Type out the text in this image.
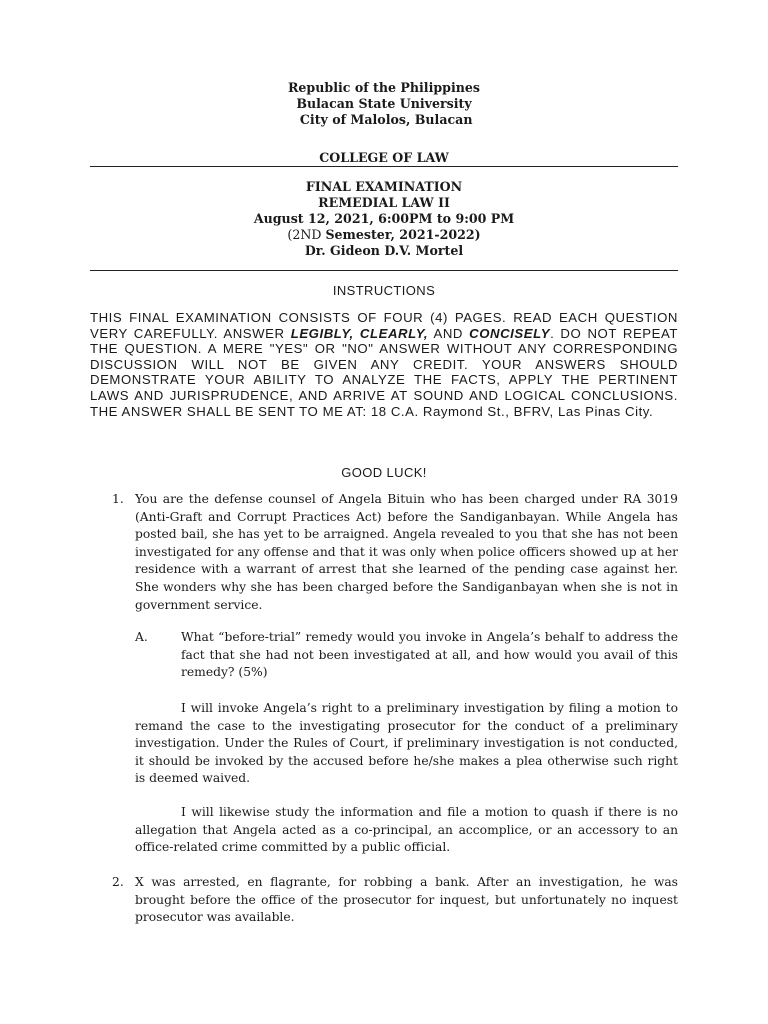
Republic of the Philippines
Bulacan State University
City of Malolos, Bulacan
COLLEGE OF LAW
FINAL EXAMINATION
REMEDIAL LAW II
August 12, 2021, 6:00PM to 9:00 PM
(2ND Semester, 2021-2022)
Dr. Gideon D.V. Mortel
INSTRUCTIONS
THIS FINAL EXAMINATION CONSISTS OF FOUR (4) PAGES. READ EACH QUESTION VERY CAREFULLY. ANSWER LEGIBLY, CLEARLY, AND CONCISELY. DO NOT REPEAT THE QUESTION. A MERE "YES" OR "NO" ANSWER WITHOUT ANY CORRESPONDING DISCUSSION WILL NOT BE GIVEN ANY CREDIT. YOUR ANSWERS SHOULD DEMONSTRATE YOUR ABILITY TO ANALYZE THE FACTS, APPLY THE PERTINENT LAWS AND JURISPRUDENCE, AND ARRIVE AT SOUND AND LOGICAL CONCLUSIONS. THE ANSWER SHALL BE SENT TO ME AT: 18 C.A. Raymond St., BFRV, Las Pinas City.
GOOD LUCK!
1. You are the defense counsel of Angela Bituin who has been charged under RA 3019 (Anti-Graft and Corrupt Practices Act) before the Sandiganbayan. While Angela has posted bail, she has yet to be arraigned. Angela revealed to you that she has not been investigated for any offense and that it was only when police officers showed up at her residence with a warrant of arrest that she learned of the pending case against her. She wonders why she has been charged before the Sandiganbayan when she is not in government service.
A.	What “before-trial” remedy would you invoke in Angela’s behalf to address the fact that she had not been investigated at all, and how would you avail of this remedy? (5%)
I will invoke Angela’s right to a preliminary investigation by filing a motion to remand the case to the investigating prosecutor for the conduct of a preliminary investigation. Under the Rules of Court, if preliminary investigation is not conducted, it should be invoked by the accused before he/she makes a plea otherwise such right is deemed waived.
I will likewise study the information and file a motion to quash if there is no allegation that Angela acted as a co-principal, an accomplice, or an accessory to an office-related crime committed by a public official.
2. X was arrested, en flagrante, for robbing a bank. After an investigation, he was brought before the office of the prosecutor for inquest, but unfortunately no inquest prosecutor was available.
